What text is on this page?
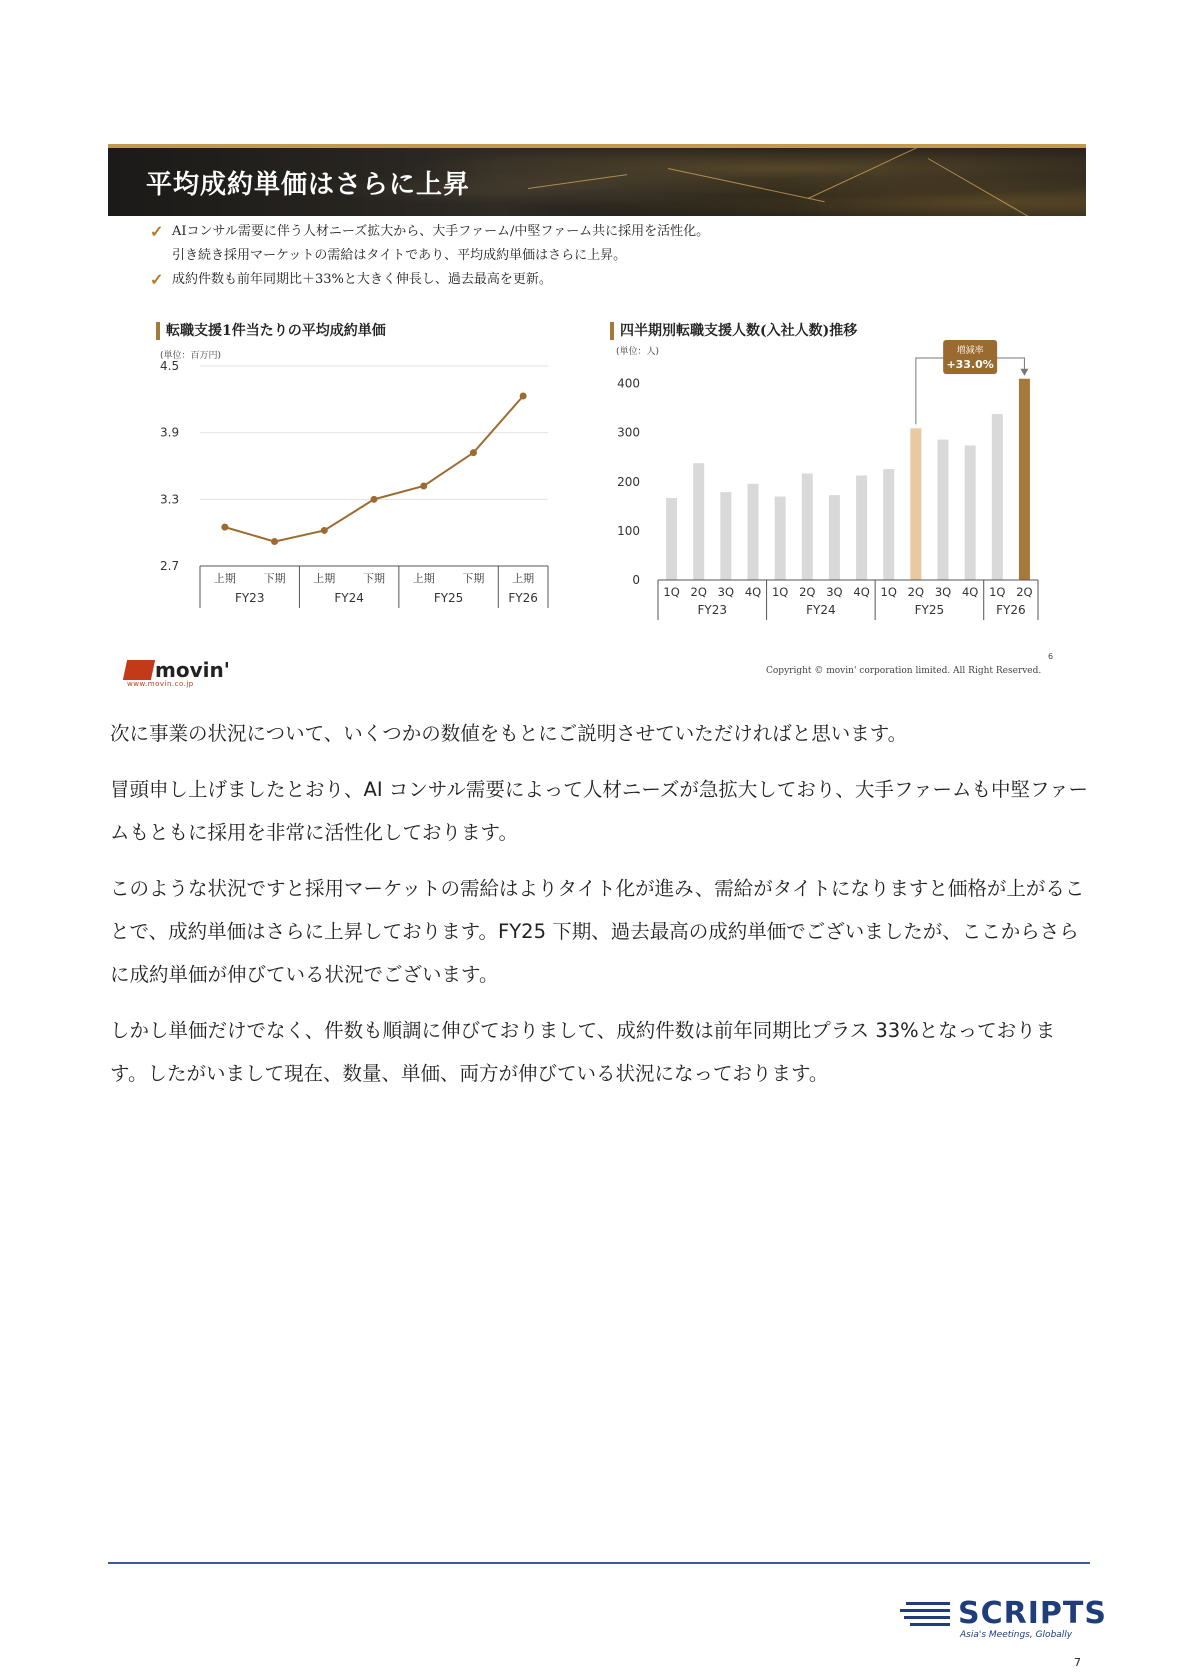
平均成約単価はさらに上昇
✓ AIコンサル需要に伴う人材ニーズ拡大から、大手ファーム/中堅ファーム共に採用を活性化。
引き続き採用マーケットの需給はタイトであり、平均成約単価はさらに上昇。
✓ 成約件数も前年同期比＋33%と大きく伸長し、過去最高を更新。
転職支援1件当たりの平均成約単価
(単位：百万円)
2.7
3.3
3.9
4.5
上期	下期	上期	下期	上期	下期	上期
FY23	FY24	FY25	FY26
四半期別転職支援人数(入社人数)推移
(単位：人)
0
100
200
300
400
1Q 2Q 3Q 4Q 1Q 2Q 3Q 4Q 1Q 2Q 3Q 4Q 1Q 2Q
FY23	FY24	FY25	FY26
増減率
+33.0%
movin'
www.movin.co.jp
6
Copyright © movin' corporation limited. All Right Reserved.

次に事業の状況について、いくつかの数値をもとにご説明させていただければと思います。

冒頭申し上げましたとおり、AI コンサル需要によって人材ニーズが急拡大しており、大手ファームも中堅ファームもともに採用を非常に活性化しております。

このような状況ですと採用マーケットの需給はよりタイト化が進み、需給がタイトになりますと価格が上がることで、成約単価はさらに上昇しております。FY25 下期、過去最高の成約単価でございましたが、ここからさらに成約単価が伸びている状況でございます。

しかし単価だけでなく、件数も順調に伸びておりまして、成約件数は前年同期比プラス 33%となっております。したがいまして現在、数量、単価、両方が伸びている状況になっております。

SCRIPTS
Asia's Meetings, Globally
7
